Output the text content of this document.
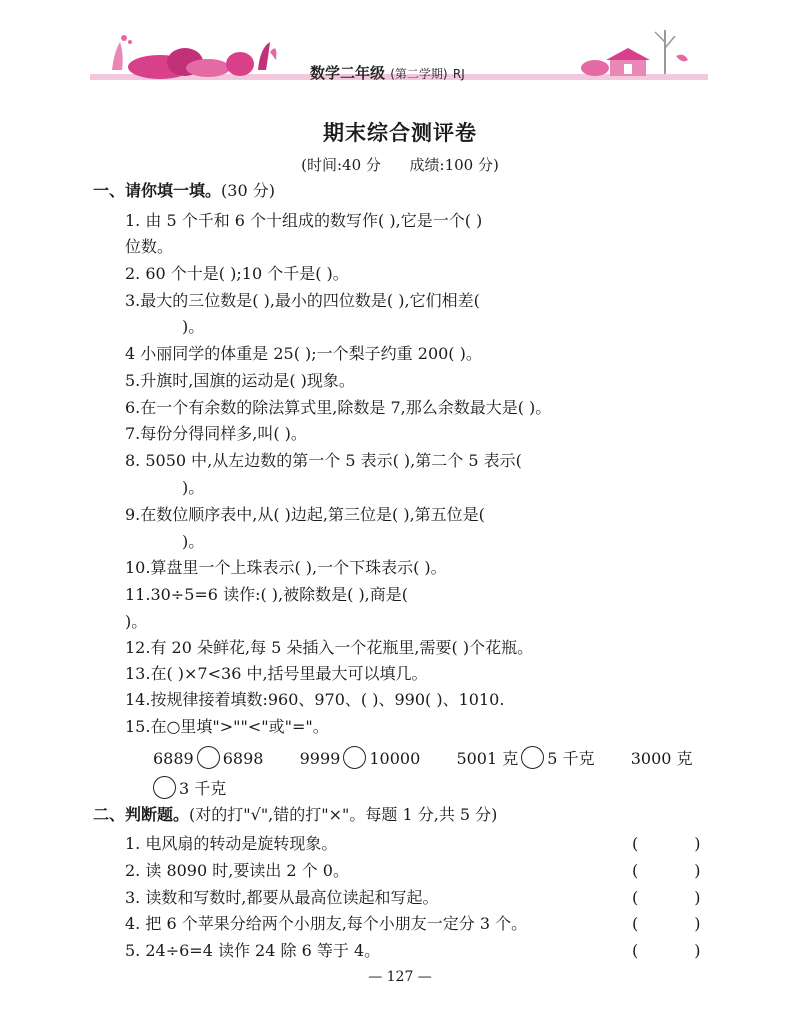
数学二年级 (第二学期) RJ
期末综合测评卷
(时间:40 分      成绩:100 分)
一、请你填一填。(30 分)
1. 由 5 个千和 6 个十组成的数写作( ),它是一个( )
位数。
2. 60 个十是( );10 个千是( )。
3.最大的三位数是( ),最小的四位数是( ),它们相差(
)。
4 小丽同学的体重是 25( );一个梨子约重 200( )。
5.升旗时,国旗的运动是( )现象。
6.在一个有余数的除法算式里,除数是 7,那么余数最大是( )。
7.每份分得同样多,叫( )。
8. 5050 中,从左边数的第一个 5 表示( ),第二个 5 表示(
)。
9.在数位顺序表中,从( )边起,第三位是( ),第五位是(
)。
10.算盘里一个上珠表示( ),一个下珠表示( )。
11.30÷5=6 读作:( ),被除数是( ),商是(
)。
12.有 20 朵鲜花,每 5 朵插入一个花瓶里,需要( )个花瓶。
13.在( )×7<36 中,括号里最大可以填几。
14.按规律接着填数:960、970、( )、990( )、1010.
15.在○里填">""<"或"="。
6889 6898 9999 10000 5001 克 5 千克 3000 克
3 千克
二、判断题。(对的打"√",错的打"×"。每题 1 分,共 5 分)
1. 电风扇的转动是旋转现象。	(           )
2. 读 8090 时,要读出 2 个 0。	(           )
3. 读数和写数时,都要从最高位读起和写起。	(           )
4. 把 6 个苹果分给两个小朋友,每个小朋友一定分 3 个。	(           )
5. 24÷6=4 读作 24 除 6 等于 4。	(           )
— 127 —
